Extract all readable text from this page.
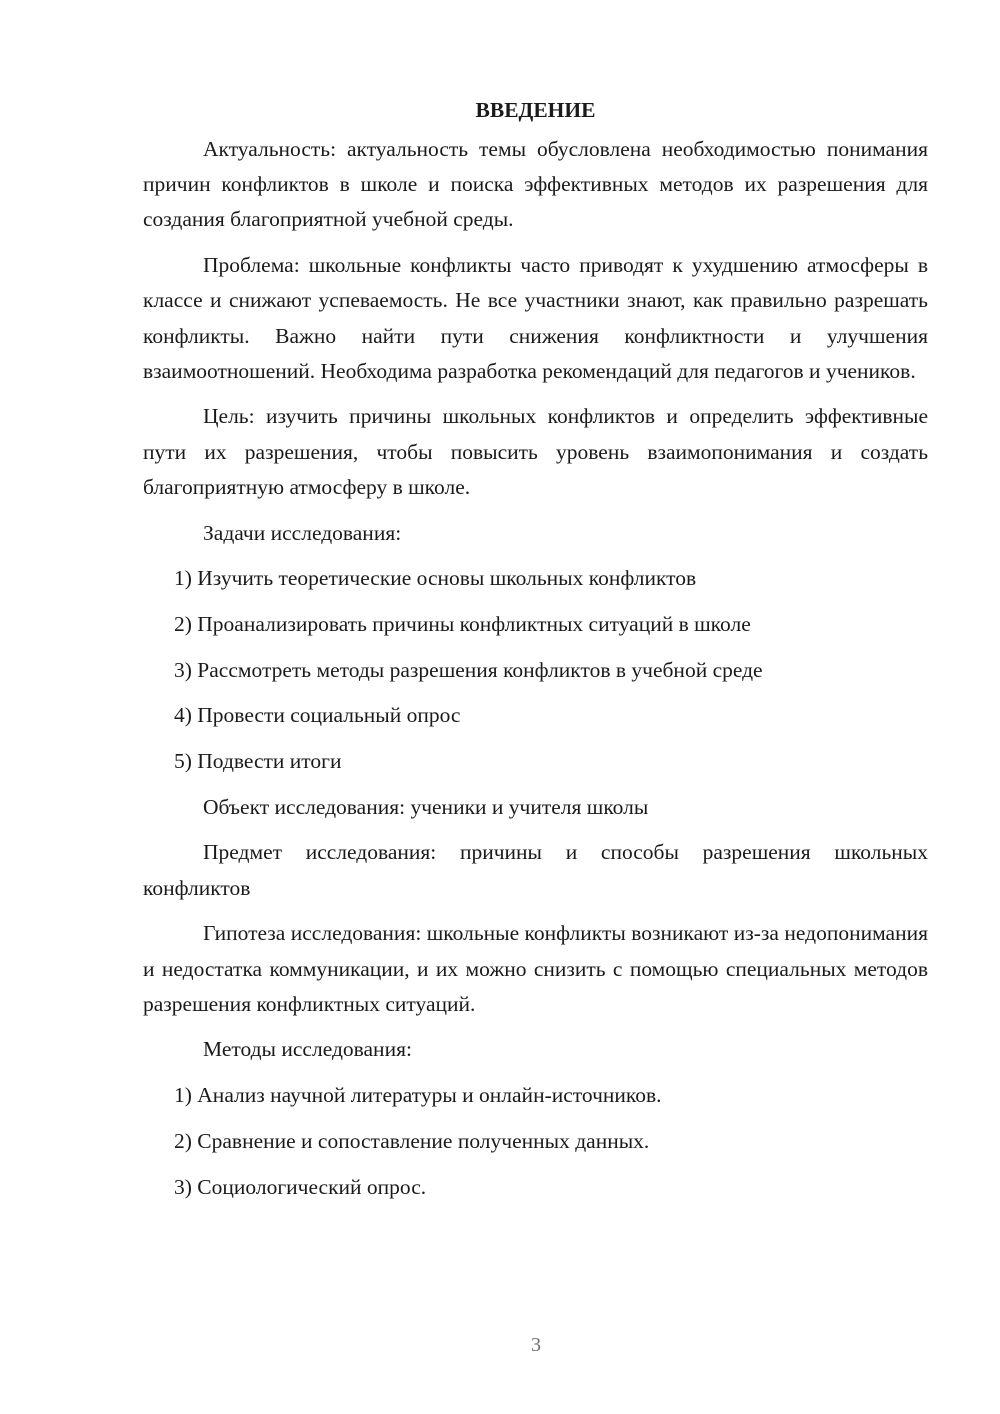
ВВЕДЕНИЕ
Актуальность: актуальность темы обусловлена необходимостью понимания причин конфликтов в школе и поиска эффективных методов их разрешения для создания благоприятной учебной среды.
Проблема: школьные конфликты часто приводят к ухудшению атмосферы в классе и снижают успеваемость. Не все участники знают, как правильно разрешать конфликты. Важно найти пути снижения конфликтности и улучшения взаимоотношений. Необходима разработка рекомендаций для педагогов и учеников.
Цель: изучить причины школьных конфликтов и определить эффективные пути их разрешения, чтобы повысить уровень взаимопонимания и создать благоприятную атмосферу в школе.
Задачи исследования:
1) Изучить теоретические основы школьных конфликтов
2) Проанализировать причины конфликтных ситуаций в школе
3) Рассмотреть методы разрешения конфликтов в учебной среде
4) Провести социальный опрос
5) Подвести итоги
Объект исследования: ученики и учителя школы
Предмет исследования: причины и способы разрешения школьных конфликтов
Гипотеза исследования: школьные конфликты возникают из-за недопонимания и недостатка коммуникации, и их можно снизить с помощью специальных методов разрешения конфликтных ситуаций.
Методы исследования:
1) Анализ научной литературы и онлайн-источников.
2) Сравнение и сопоставление полученных данных.
3) Социологический опрос.
3
